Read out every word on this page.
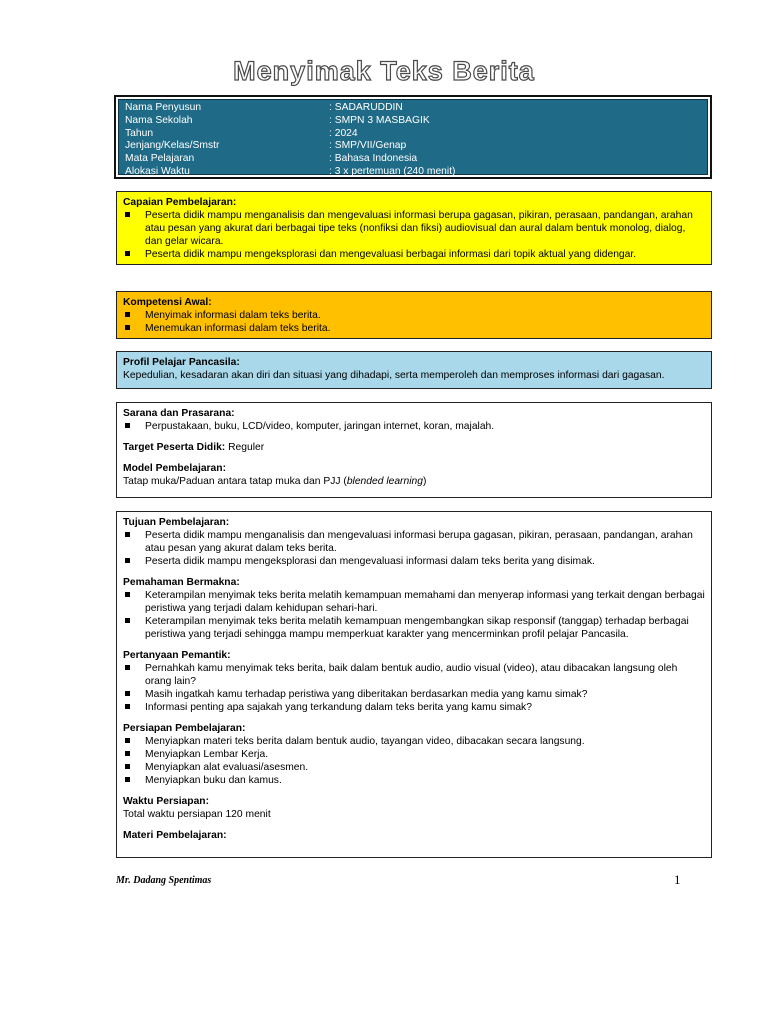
Menyimak Teks Berita
Nama Penyusun	: SADARUDDIN
Nama Sekolah	: SMPN 3 MASBAGIK
Tahun	: 2024
Jenjang/Kelas/Smstr	: SMP/VII/Genap
Mata Pelajaran	: Bahasa Indonesia
Alokasi Waktu	: 3 x pertemuan (240 menit)
Capaian Pembelajaran:
Peserta didik mampu menganalisis dan mengevaluasi informasi berupa gagasan, pikiran, perasaan, pandangan, arahan atau pesan yang akurat dari berbagai tipe teks (nonfiksi dan fiksi) audiovisual dan aural dalam bentuk monolog, dialog, dan gelar wicara.
Peserta didik mampu mengeksplorasi dan mengevaluasi berbagai informasi dari topik aktual yang didengar.
Kompetensi Awal:
Menyimak informasi dalam teks berita.
Menemukan informasi dalam teks berita.
Profil Pelajar Pancasila:
Kepedulian, kesadaran akan diri dan situasi yang dihadapi, serta memperoleh dan memproses informasi dari gagasan.
Sarana dan Prasarana:
Perpustakaan, buku, LCD/video, komputer, jaringan internet, koran, majalah.
Target Peserta Didik: Reguler
Model Pembelajaran:
Tatap muka/Paduan antara tatap muka dan PJJ (blended learning)
Tujuan Pembelajaran:
Peserta didik mampu menganalisis dan mengevaluasi informasi berupa gagasan, pikiran, perasaan, pandangan, arahan atau pesan yang akurat dalam teks berita.
Peserta didik mampu mengeksplorasi dan mengevaluasi informasi dalam teks berita yang disimak.
Pemahaman Bermakna:
Keterampilan menyimak teks berita melatih kemampuan memahami dan menyerap informasi yang terkait dengan berbagai peristiwa yang terjadi dalam kehidupan sehari-hari.
Keterampilan menyimak teks berita melatih kemampuan mengembangkan sikap responsif (tanggap) terhadap berbagai peristiwa yang terjadi sehingga mampu memperkuat karakter yang mencerminkan profil pelajar Pancasila.
Pertanyaan Pemantik:
Pernahkah kamu menyimak teks berita, baik dalam bentuk audio, audio visual (video), atau dibacakan langsung oleh orang lain?
Masih ingatkah kamu terhadap peristiwa yang diberitakan berdasarkan media yang kamu simak?
Informasi penting apa sajakah yang terkandung dalam teks berita yang kamu simak?
Persiapan Pembelajaran:
Menyiapkan materi teks berita dalam bentuk audio, tayangan video, dibacakan secara langsung.
Menyiapkan Lembar Kerja.
Menyiapkan alat evaluasi/asesmen.
Menyiapkan buku dan kamus.
Waktu Persiapan:
Total waktu persiapan 120 menit
Materi Pembelajaran:
Mr. Dadang Spentimas	1
